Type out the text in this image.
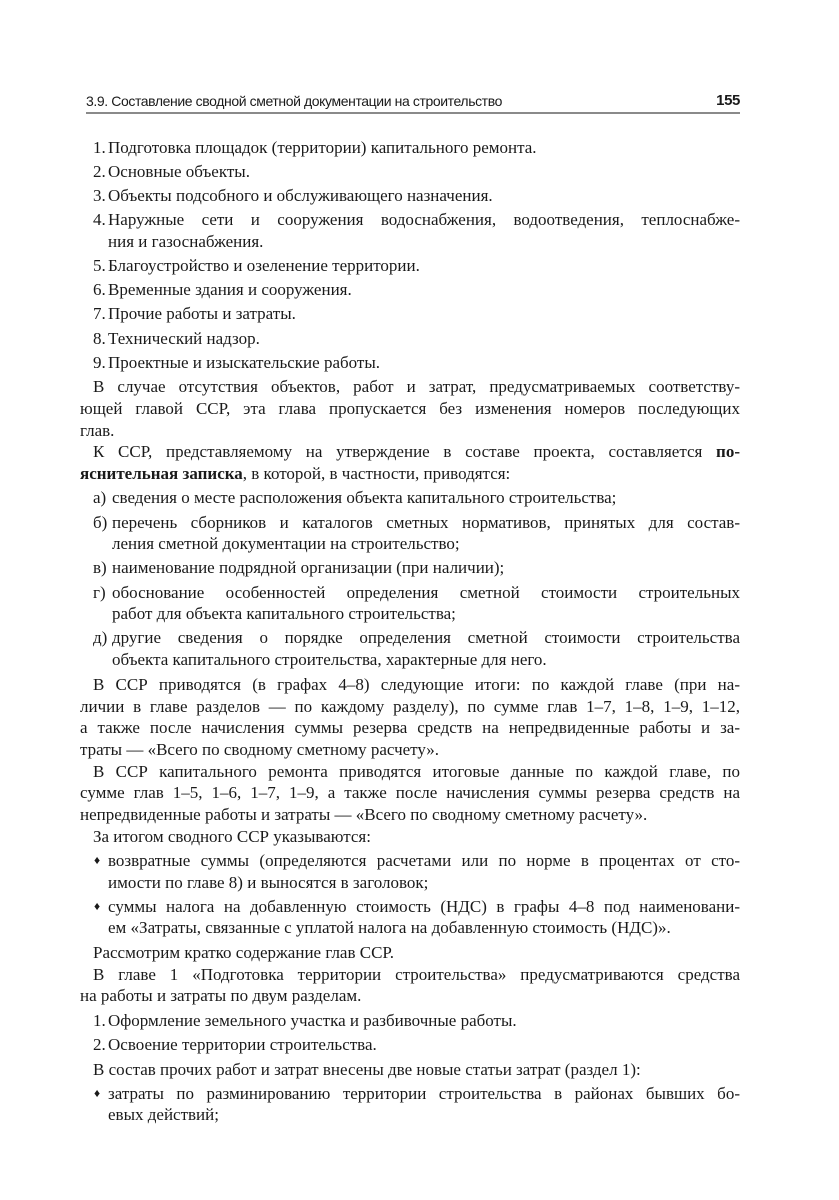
3.9. Составление сводной сметной документации на строительство	155
1. Подготовка площадок (территории) капитального ремонта.
2. Основные объекты.
3. Объекты подсобного и обслуживающего назначения.
4. Наружные сети и сооружения водоснабжения, водоотведения, теплоснабже-
ния и газоснабжения.
5. Благоустройство и озеленение территории.
6. Временные здания и сооружения.
7. Прочие работы и затраты.
8. Технический надзор.
9. Проектные и изыскательские работы.
В случае отсутствия объектов, работ и затрат, предусматриваемых соответству-
ющей главой ССР, эта глава пропускается без изменения номеров последующих
глав.
К ССР, представляемому на утверждение в составе проекта, составляется по-
яснительная записка, в которой, в частности, приводятся:
а) сведения о месте расположения объекта капитального строительства;
б) перечень сборников и каталогов сметных нормативов, принятых для состав-
ления сметной документации на строительство;
в) наименование подрядной организации (при наличии);
г) обоснование особенностей определения сметной стоимости строительных
работ для объекта капитального строительства;
д) другие сведения о порядке определения сметной стоимости строительства
объекта капитального строительства, характерные для него.
В ССР приводятся (в графах 4–8) следующие итоги: по каждой главе (при на-
личии в главе разделов — по каждому разделу), по сумме глав 1–7, 1–8, 1–9, 1–12,
а также после начисления суммы резерва средств на непредвиденные работы и за-
траты — «Всего по сводному сметному расчету».
В ССР капитального ремонта приводятся итоговые данные по каждой главе, по
сумме глав 1–5, 1–6, 1–7, 1–9, а также после начисления суммы резерва средств на
непредвиденные работы и затраты — «Всего по сводному сметному расчету».
За итогом сводного ССР указываются:
♦ возвратные суммы (определяются расчетами или по норме в процентах от сто-
имости по главе 8) и выносятся в заголовок;
♦ суммы налога на добавленную стоимость (НДС) в графы 4–8 под наименовани-
ем «Затраты, связанные с уплатой налога на добавленную стоимость (НДС)».
Рассмотрим кратко содержание глав ССР.
В главе 1 «Подготовка территории строительства» предусматриваются средства
на работы и затраты по двум разделам.
1. Оформление земельного участка и разбивочные работы.
2. Освоение территории строительства.
В состав прочих работ и затрат внесены две новые статьи затрат (раздел 1):
♦ затраты по разминированию территории строительства в районах бывших бо-
евых действий;
